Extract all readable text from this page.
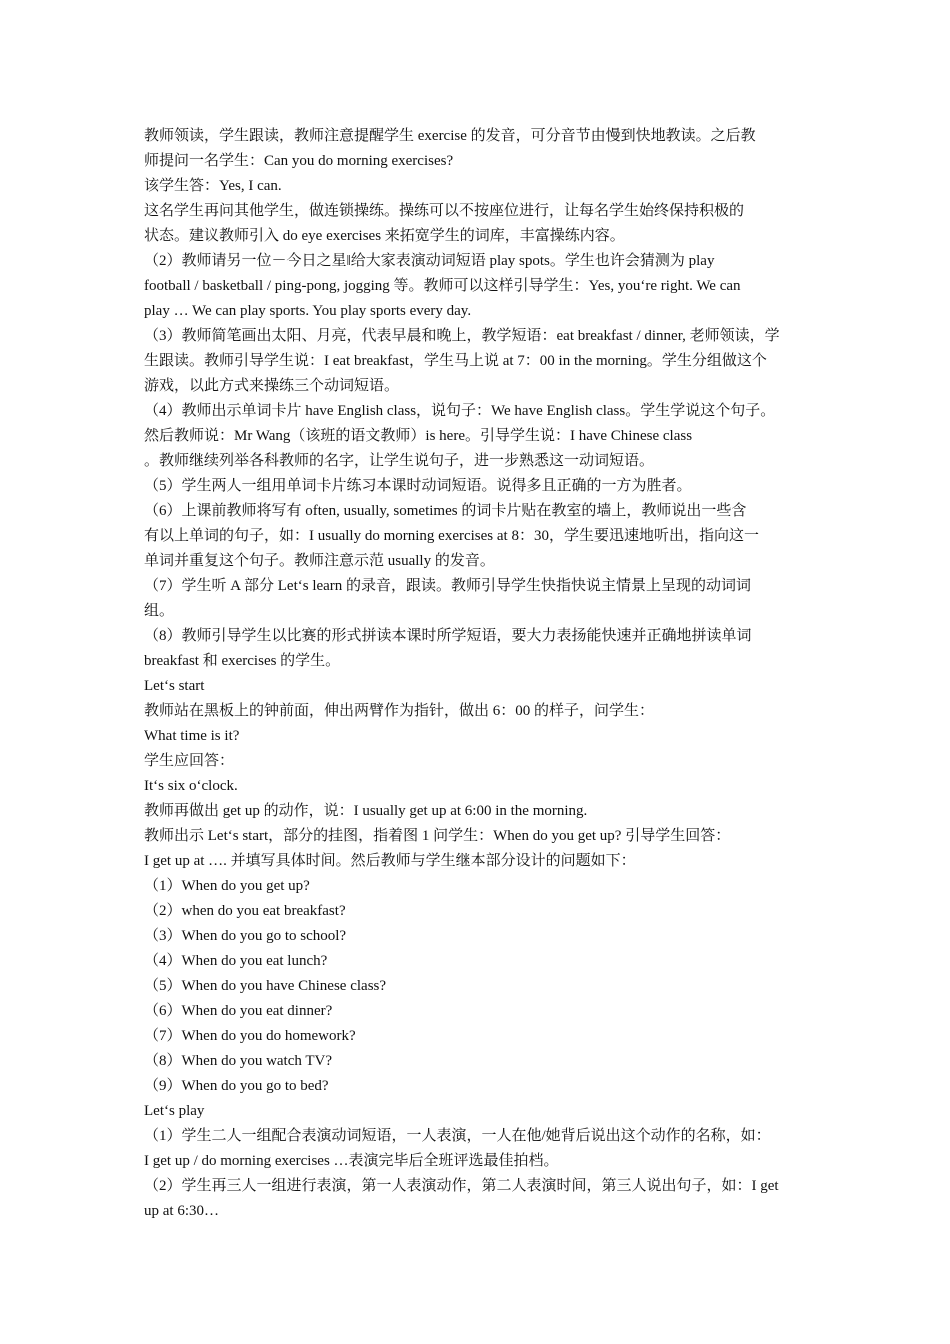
教师领读，学生跟读，教师注意提醒学生 exercise 的发音，可分音节由慢到快地教读。之后教
师提问一名学生：Can you do morning exercises?
该学生答：Yes, I can.
这名学生再问其他学生，做连锁操练。操练可以不按座位进行，让每名学生始终保持积极的
状态。建议教师引入 do eye exercises 来拓宽学生的词库，丰富操练内容。
（2）教师请另一位－今日之星‖给大家表演动词短语 play spots。学生也许会猜测为 play
football / basketball / ping-pong, jogging 等。教师可以这样引导学生：Yes, you‘re right. We can
play … We can play sports. You play sports every day.
（3）教师简笔画出太阳、月亮，代表早晨和晚上，教学短语：eat breakfast / dinner, 老师领读，学
生跟读。教师引导学生说：I eat breakfast，学生马上说 at 7：00 in the morning。学生分组做这个
游戏，以此方式来操练三个动词短语。
（4）教师出示单词卡片 have English class，说句子：We have English class。学生学说这个句子。
然后教师说：Mr Wang（该班的语文教师）is here。引导学生说：I have Chinese class
。教师继续列举各科教师的名字，让学生说句子，进一步熟悉这一动词短语。
（5）学生两人一组用单词卡片练习本课时动词短语。说得多且正确的一方为胜者。
（6）上课前教师将写有 often, usually, sometimes 的词卡片贴在教室的墙上，教师说出一些含
有以上单词的句子，如：I usually do morning exercises at 8：30，学生要迅速地听出，指向这一
单词并重复这个句子。教师注意示范 usually 的发音。
（7）学生听 A 部分 Let‘s learn 的录音，跟读。教师引导学生快指快说主情景上呈现的动词词
组。
（8）教师引导学生以比赛的形式拼读本课时所学短语，要大力表扬能快速并正确地拼读单词
breakfast 和 exercises 的学生。
Let‘s start
教师站在黑板上的钟前面，伸出两臂作为指针，做出 6：00 的样子，问学生：
What time is it?
学生应回答：
It‘s six o‘clock.
教师再做出 get up 的动作，说：I usually get up at 6:00 in the morning.
教师出示 Let‘s start，部分的挂图，指着图 1 问学生：When do you get up? 引导学生回答：
I get up at …. 并填写具体时间。然后教师与学生继本部分设计的问题如下：
（1）When do you get up?
（2）when do you eat breakfast?
（3）When do you go to school?
（4）When do you eat lunch?
（5）When do you have Chinese class?
（6）When do you eat dinner?
（7）When do you do homework?
（8）When do you watch TV?
（9）When do you go to bed?
Let‘s play
（1）学生二人一组配合表演动词短语，一人表演，一人在他/她背后说出这个动作的名称，如：
I get up / do morning exercises …表演完毕后全班评选最佳拍档。
（2）学生再三人一组进行表演，第一人表演动作，第二人表演时间，第三人说出句子，如：I get
up at 6:30…
